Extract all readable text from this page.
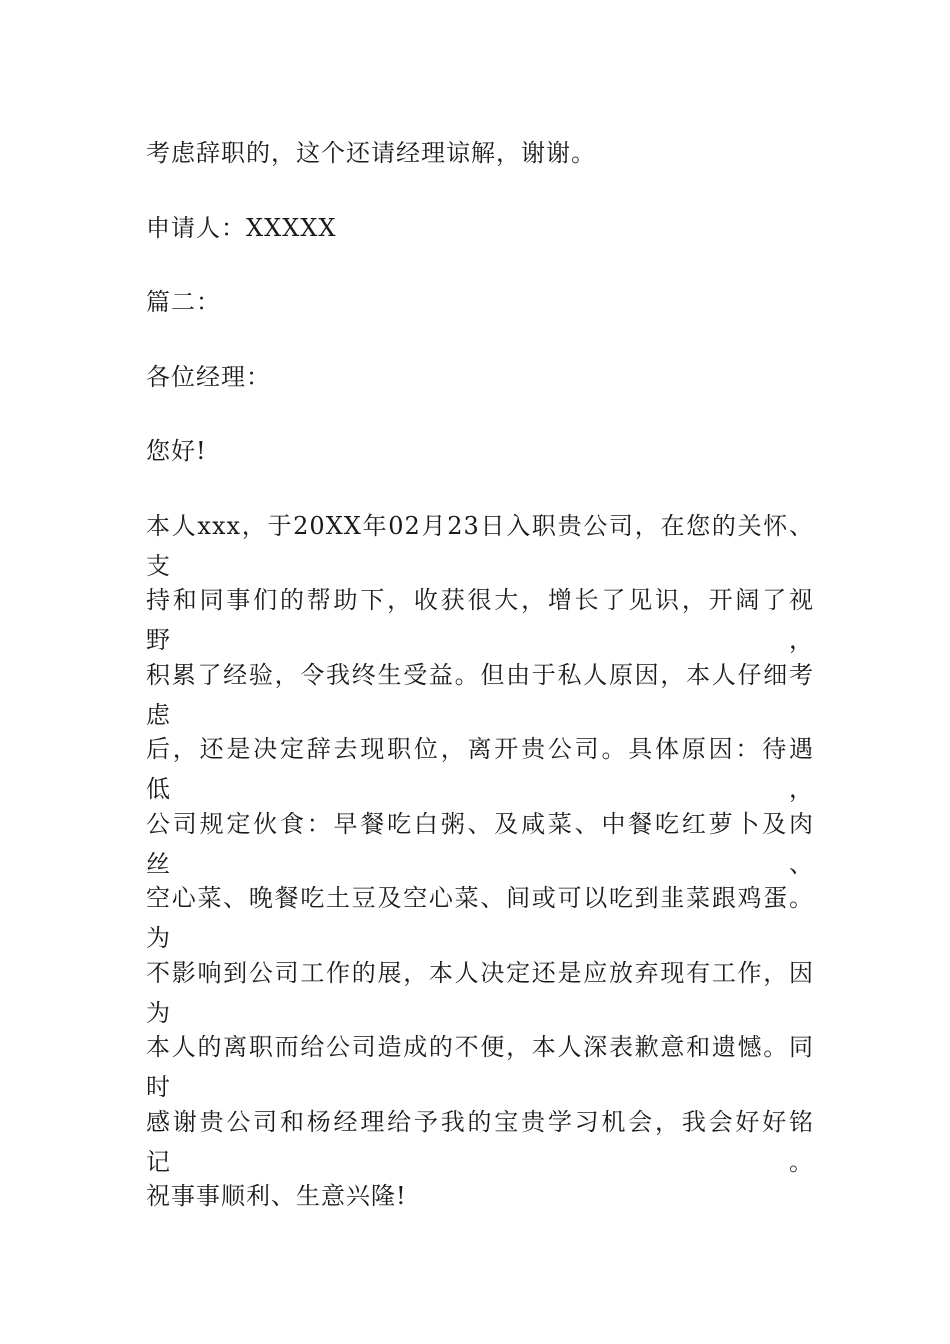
考虑辞职的，这个还请经理谅解，谢谢。
申请人：XXXXX
篇二：
各位经理：
您好!
本人xxx，于20XX年02月23日入职贵公司，在您的关怀、支
持和同事们的帮助下，收获很大，增长了见识，开阔了视野，
积累了经验，令我终生受益。但由于私人原因，本人仔细考虑
后，还是决定辞去现职位，离开贵公司。具体原因：待遇低，
公司规定伙食：早餐吃白粥、及咸菜、中餐吃红萝卜及肉丝、
空心菜、晚餐吃土豆及空心菜、间或可以吃到韭菜跟鸡蛋。 为
不影响到公司工作的展，本人决定还是应放弃现有工作，因为
本人的离职而给公司造成的不便，本人深表歉意和遗憾。同时
感谢贵公司和杨经理给予我的宝贵学习机会，我会好好铭记。
祝事事顺利、生意兴隆!
